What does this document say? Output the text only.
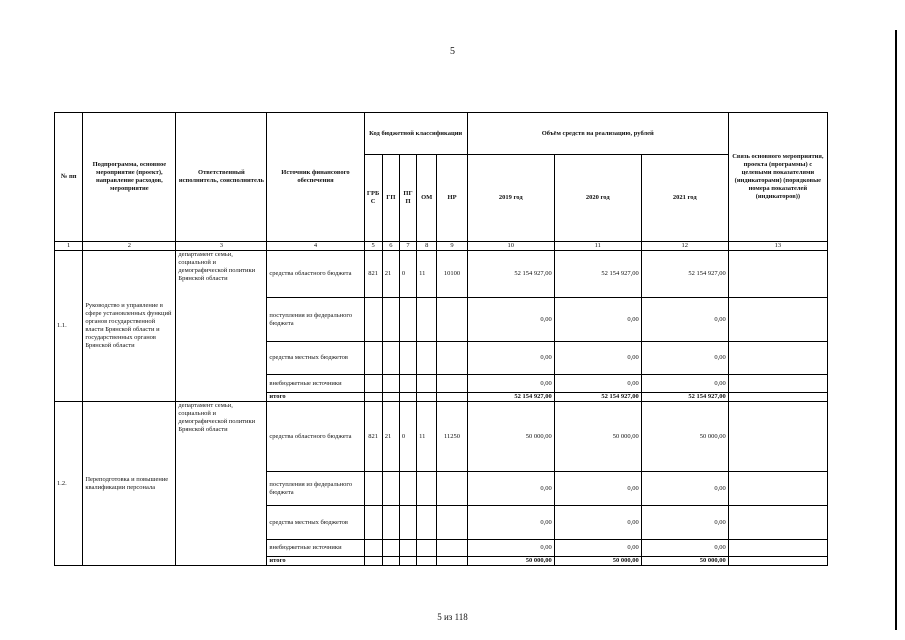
5
№ пп	Подпрограмма, основное мероприятие (проект), направление расходов, мероприятие	Ответственный исполнитель, соисполнитель	Источник финансового обеспечения	Код бюджетной классификации					Объём средств на реализацию, рублей			Связь основного мероприятия, проекта (программы) с целевыми показателями (индикаторами) (порядковые номера показателей (индикаторов))
				ГРБ С	ГП	ПГ П	ОМ	НР	2019 год	2020 год	2021 год	
1	2	3	4	5	6	7	8	9	10	11	12	13
1.1.	Руководство и управление в сфере установленных функций органов государственной власти Брянской области и государственных органов Брянской области	департамент семьи, социальной и демографической политики Брянской области	средства областного бюджета	821	21	0	11	10100	52 154 927,00	52 154 927,00	52 154 927,00	
			поступления из федерального бюджета						0,00	0,00	0,00	
			средства местных бюджетов						0,00	0,00	0,00	
			внебюджетные источники						0,00	0,00	0,00	
			итого						52 154 927,00	52 154 927,00	52 154 927,00	
1.2.	Переподготовка и повышение квалификации персонала	департамент семьи, социальной и демографической политики Брянской области	средства областного бюджета	821	21	0	11	11250	50 000,00	50 000,00	50 000,00	
			поступления из федерального бюджета						0,00	0,00	0,00	
			средства местных бюджетов						0,00	0,00	0,00	
			внебюджетные источники						0,00	0,00	0,00	
			итого						50 000,00	50 000,00	50 000,00	
5 из 118
